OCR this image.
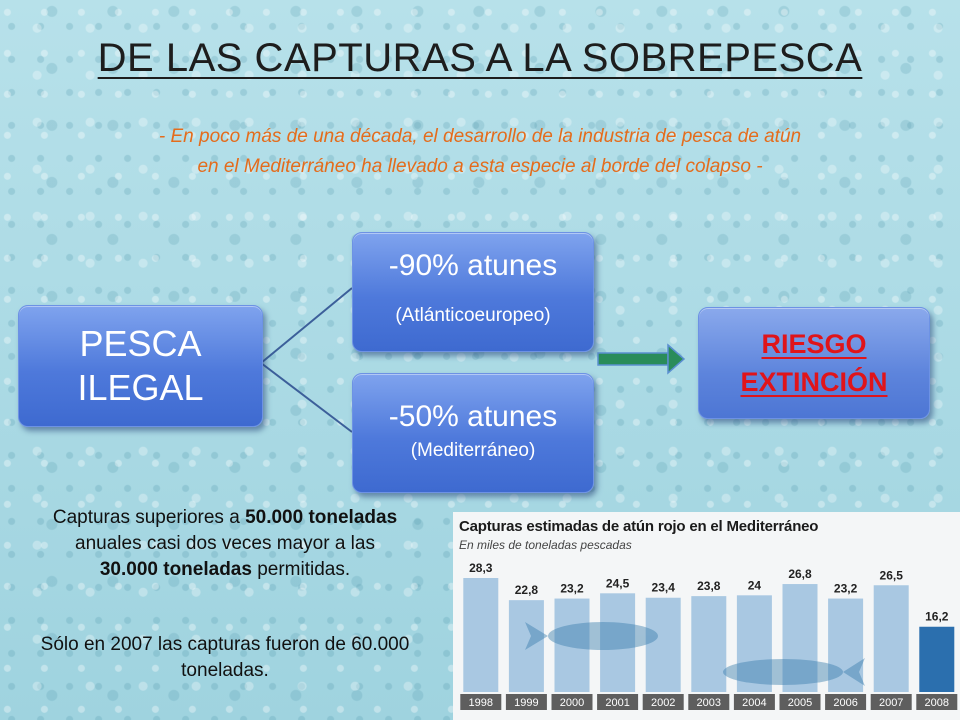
DE LAS CAPTURAS A LA SOBREPESCA
- En poco más de una década, el desarrollo de la industria de pesca de atún
en el Mediterráneo ha llevado a esta especie al borde del colapso -
PESCA
ILEGAL
-90% atunes
(Atlánticoeuropeo)
-50% atunes
(Mediterráneo)
RIESGO
EXTINCIÓN
Capturas superiores a 50.000 toneladas
anuales casi dos veces mayor a las
30.000 toneladas permitidas.
Sólo en 2007 las capturas fueron de 60.000 toneladas.
Capturas estimadas de atún rojo en el Mediterráneo
En miles de toneladas pescadas
28,3
1998
22,8
1999
23,2
2000
24,5
2001
23,4
2002
23,8
2003
24
2004
26,8
2005
23,2
2006
26,5
2007
16,2
2008
